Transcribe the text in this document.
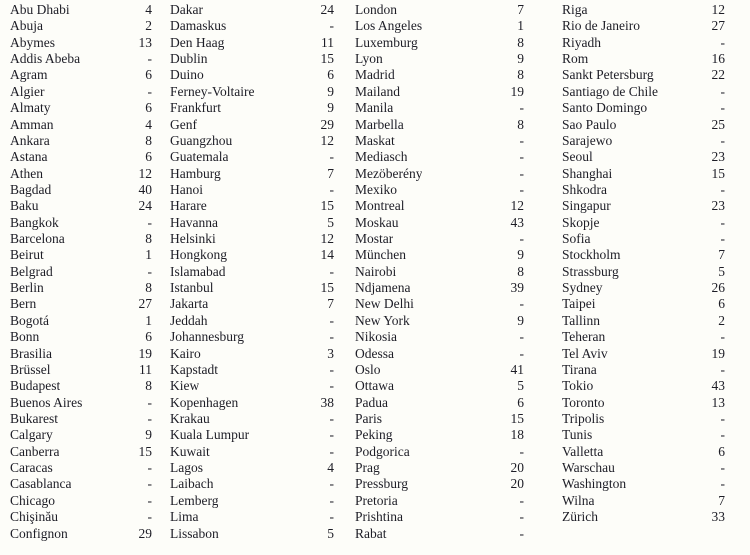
Abu Dhabi	4
Abuja	2
Abymes	13
Addis Abeba	-
Agram	6
Algier	-
Almaty	6
Amman	4
Ankara	8
Astana	6
Athen	12
Bagdad	40
Baku	24
Bangkok	-
Barcelona	8
Beirut	1
Belgrad	-
Berlin	8
Bern	27
Bogotá	1
Bonn	6
Brasilia	19
Brüssel	11
Budapest	8
Buenos Aires	-
Bukarest	-
Calgary	9
Canberra	15
Caracas	-
Casablanca	-
Chicago	-
Chişinău	-
Confignon	29
Dakar	24
Damaskus	-
Den Haag	11
Dublin	15
Duino	6
Ferney-Voltaire	9
Frankfurt	9
Genf	29
Guangzhou	12
Guatemala	-
Hamburg	7
Hanoi	-
Harare	15
Havanna	5
Helsinki	12
Hongkong	14
Islamabad	-
Istanbul	15
Jakarta	7
Jeddah	-
Johannesburg	-
Kairo	3
Kapstadt	-
Kiew	-
Kopenhagen	38
Krakau	-
Kuala Lumpur	-
Kuwait	-
Lagos	4
Laibach	-
Lemberg	-
Lima	-
Lissabon	5
London	7
Los Angeles	1
Luxemburg	8
Lyon	9
Madrid	8
Mailand	19
Manila	-
Marbella	8
Maskat	-
Mediasch	-
Mezöberény	-
Mexiko	-
Montreal	12
Moskau	43
Mostar	-
München	9
Nairobi	8
Ndjamena	39
New Delhi	-
New York	9
Nikosia	-
Odessa	-
Oslo	41
Ottawa	5
Padua	6
Paris	15
Peking	18
Podgorica	-
Prag	20
Pressburg	20
Pretoria	-
Prishtina	-
Rabat	-
Riga	12
Rio de Janeiro	27
Riyadh	-
Rom	16
Sankt Petersburg	22
Santiago de Chile	-
Santo Domingo	-
Sao Paulo	25
Sarajewo	-
Seoul	23
Shanghai	15
Shkodra	-
Singapur	23
Skopje	-
Sofia	-
Stockholm	7
Strassburg	5
Sydney	26
Taipei	6
Tallinn	2
Teheran	-
Tel Aviv	19
Tirana	-
Tokio	43
Toronto	13
Tripolis	-
Tunis	-
Valletta	6
Warschau	-
Washington	-
Wilna	7
Zürich	33
